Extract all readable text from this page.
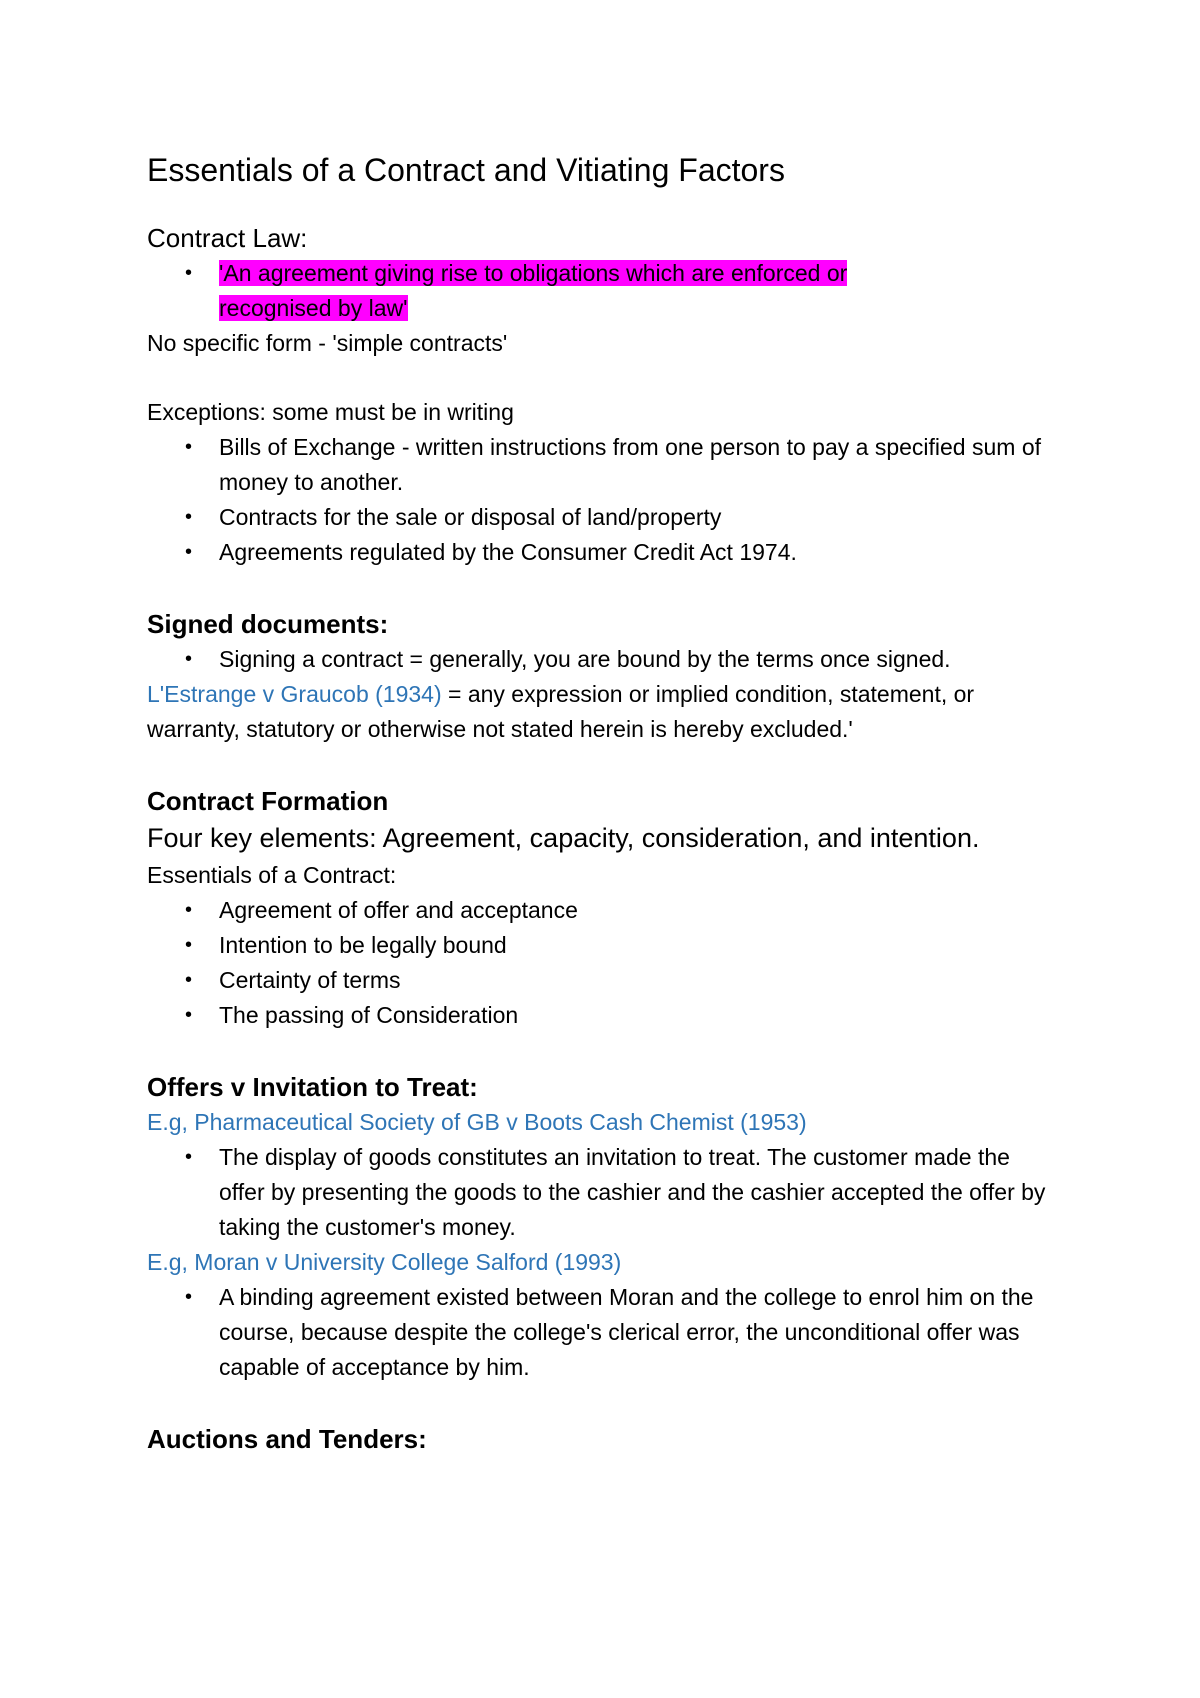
Essentials of a Contract and Vitiating Factors

Contract Law:

• 'An agreement giving rise to obligations which are enforced or
recognised by law'

No specific form - 'simple contracts'

Exceptions: some must be in writing

• Bills of Exchange - written instructions from one person to pay a specified sum of money to another.
• Contracts for the sale or disposal of land/property
• Agreements regulated by the Consumer Credit Act 1974.
Signed documents:
• Signing a contract = generally, you are bound by the terms once signed.

L'Estrange v Graucob (1934) = any expression or implied condition, statement, or warranty, statutory or otherwise not stated herein is hereby excluded.'

Contract Formation

Four key elements: Agreement, capacity, consideration, and intention.

Essentials of a Contract:

• Agreement of offer and acceptance
• Intention to be legally bound
• Certainty of terms
• The passing of Consideration
Offers v Invitation to Treat:

E.g, Pharmaceutical Society of GB v Boots Cash Chemist (1953)

• The display of goods constitutes an invitation to treat. The customer made the offer by presenting the goods to the cashier and the cashier accepted the offer by taking the customer's money.

E.g, Moran v University College Salford (1993)

• A binding agreement existed between Moran and the college to enrol him on the course, because despite the college's clerical error, the unconditional offer was capable of acceptance by him.
Auctions and Tenders:
